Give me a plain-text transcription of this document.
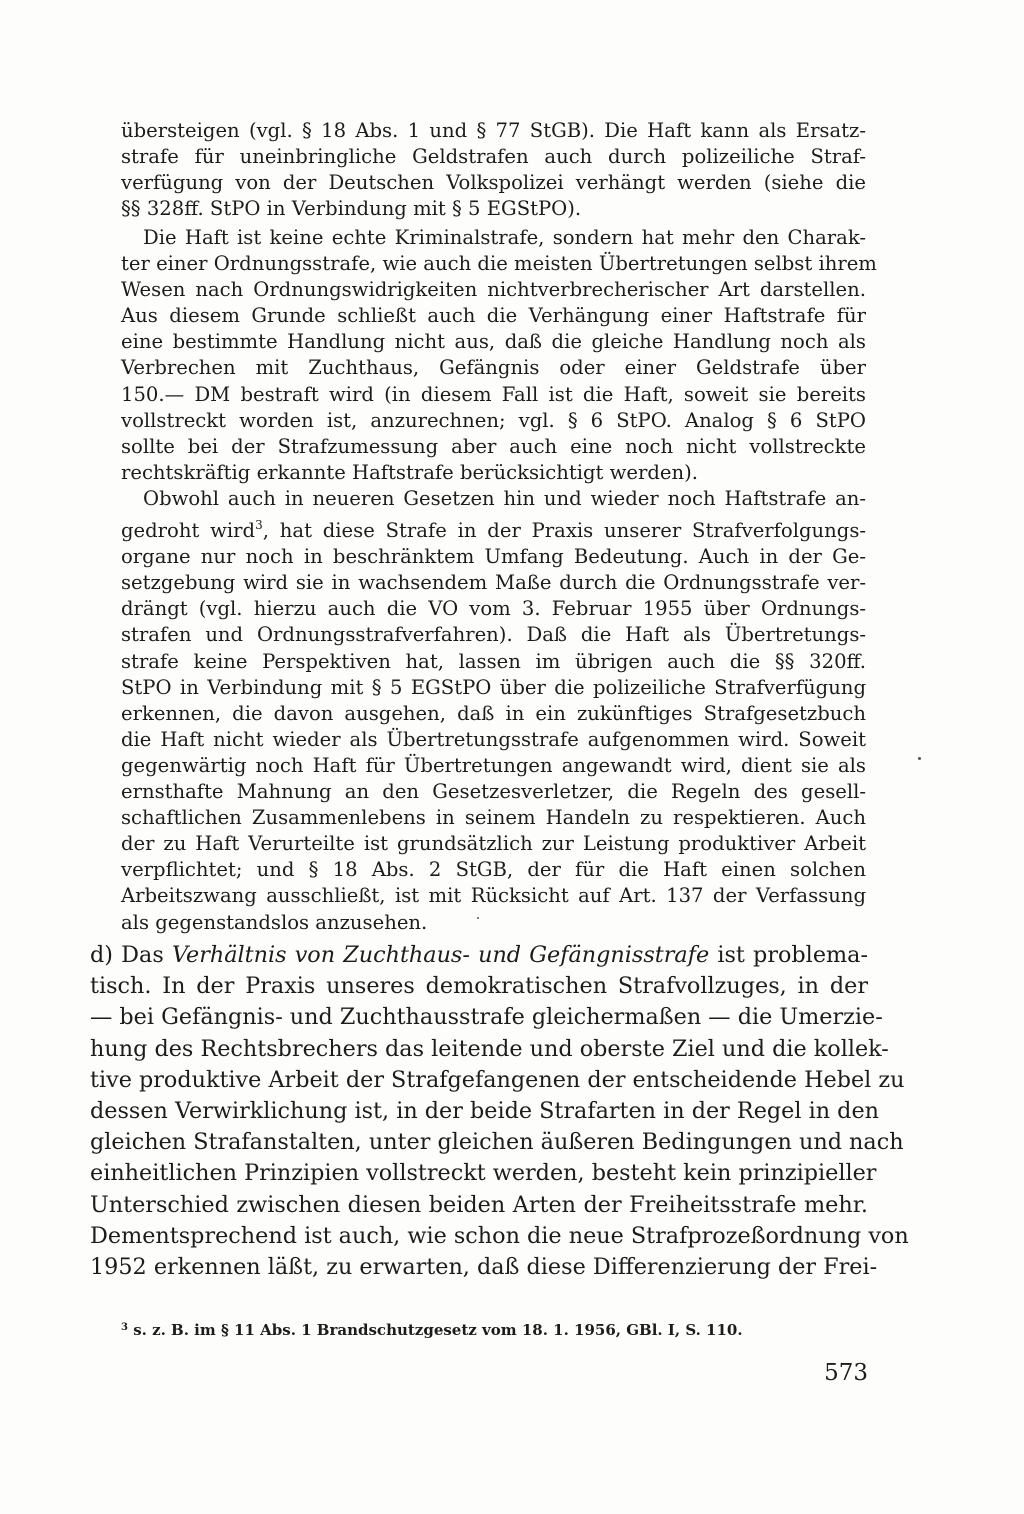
übersteigen (vgl. § 18 Abs. 1 und § 77 StGB). Die Haft kann als Ersatz-
strafe für uneinbringliche Geldstrafen auch durch polizeiliche Straf-
verfügung von der Deutschen Volkspolizei verhängt werden (siehe die
§§ 328ff. StPO in Verbindung mit § 5 EGStPO).
Die Haft ist keine echte Kriminalstrafe, sondern hat mehr den Charak-
ter einer Ordnungsstrafe, wie auch die meisten Übertretungen selbst ihrem
Wesen nach Ordnungswidrigkeiten nichtverbrecherischer Art darstellen.
Aus diesem Grunde schließt auch die Verhängung einer Haftstrafe für
eine bestimmte Handlung nicht aus, daß die gleiche Handlung noch als
Verbrechen mit Zuchthaus, Gefängnis oder einer Geldstrafe über
150.— DM bestraft wird (in diesem Fall ist die Haft, soweit sie bereits
vollstreckt worden ist, anzurechnen; vgl. § 6 StPO. Analog § 6 StPO
sollte bei der Strafzumessung aber auch eine noch nicht vollstreckte
rechtskräftig erkannte Haftstrafe berücksichtigt werden).
Obwohl auch in neueren Gesetzen hin und wieder noch Haftstrafe an-
gedroht wird$^3$, hat diese Strafe in der Praxis unserer Strafverfolgungs-
organe nur noch in beschränktem Umfang Bedeutung. Auch in der Ge-
setzgebung wird sie in wachsendem Maße durch die Ordnungsstrafe ver-
drängt (vgl. hierzu auch die VO vom 3. Februar 1955 über Ordnungs-
strafen und Ordnungsstrafverfahren). Daß die Haft als Übertretungs-
strafe keine Perspektiven hat, lassen im übrigen auch die §§ 320ff.
StPO in Verbindung mit § 5 EGStPO über die polizeiliche Strafverfügung
erkennen, die davon ausgehen, daß in ein zukünftiges Strafgesetzbuch
die Haft nicht wieder als Übertretungsstrafe aufgenommen wird. Soweit
gegenwärtig noch Haft für Übertretungen angewandt wird, dient sie als
ernsthafte Mahnung an den Gesetzesverletzer, die Regeln des gesell-
schaftlichen Zusammenlebens in seinem Handeln zu respektieren. Auch
der zu Haft Verurteilte ist grundsätzlich zur Leistung produktiver Arbeit
verpflichtet; und § 18 Abs. 2 StGB, der für die Haft einen solchen
Arbeitszwang ausschließt, ist mit Rücksicht auf Art. 137 der Verfassung
als gegenstandslos anzusehen.
d) Das Verhältnis von Zuchthaus- und Gefängnisstrafe ist problema-
tisch. In der Praxis unseres demokratischen Strafvollzuges, in der
— bei Gefängnis- und Zuchthausstrafe gleichermaßen — die Umerzie-
hung des Rechtsbrechers das leitende und oberste Ziel und die kollek-
tive produktive Arbeit der Strafgefangenen der entscheidende Hebel zu
dessen Verwirklichung ist, in der beide Strafarten in der Regel in den
gleichen Strafanstalten, unter gleichen äußeren Bedingungen und nach
einheitlichen Prinzipien vollstreckt werden, besteht kein prinzipieller
Unterschied zwischen diesen beiden Arten der Freiheitsstrafe mehr.
Dementsprechend ist auch, wie schon die neue Strafprozeßordnung von
1952 erkennen läßt, zu erwarten, daß diese Differenzierung der Frei-
$^3$ s. z. B. im § 11 Abs. 1 Brandschutzgesetz vom 18. 1. 1956, GBl. I, S. 110.
573
